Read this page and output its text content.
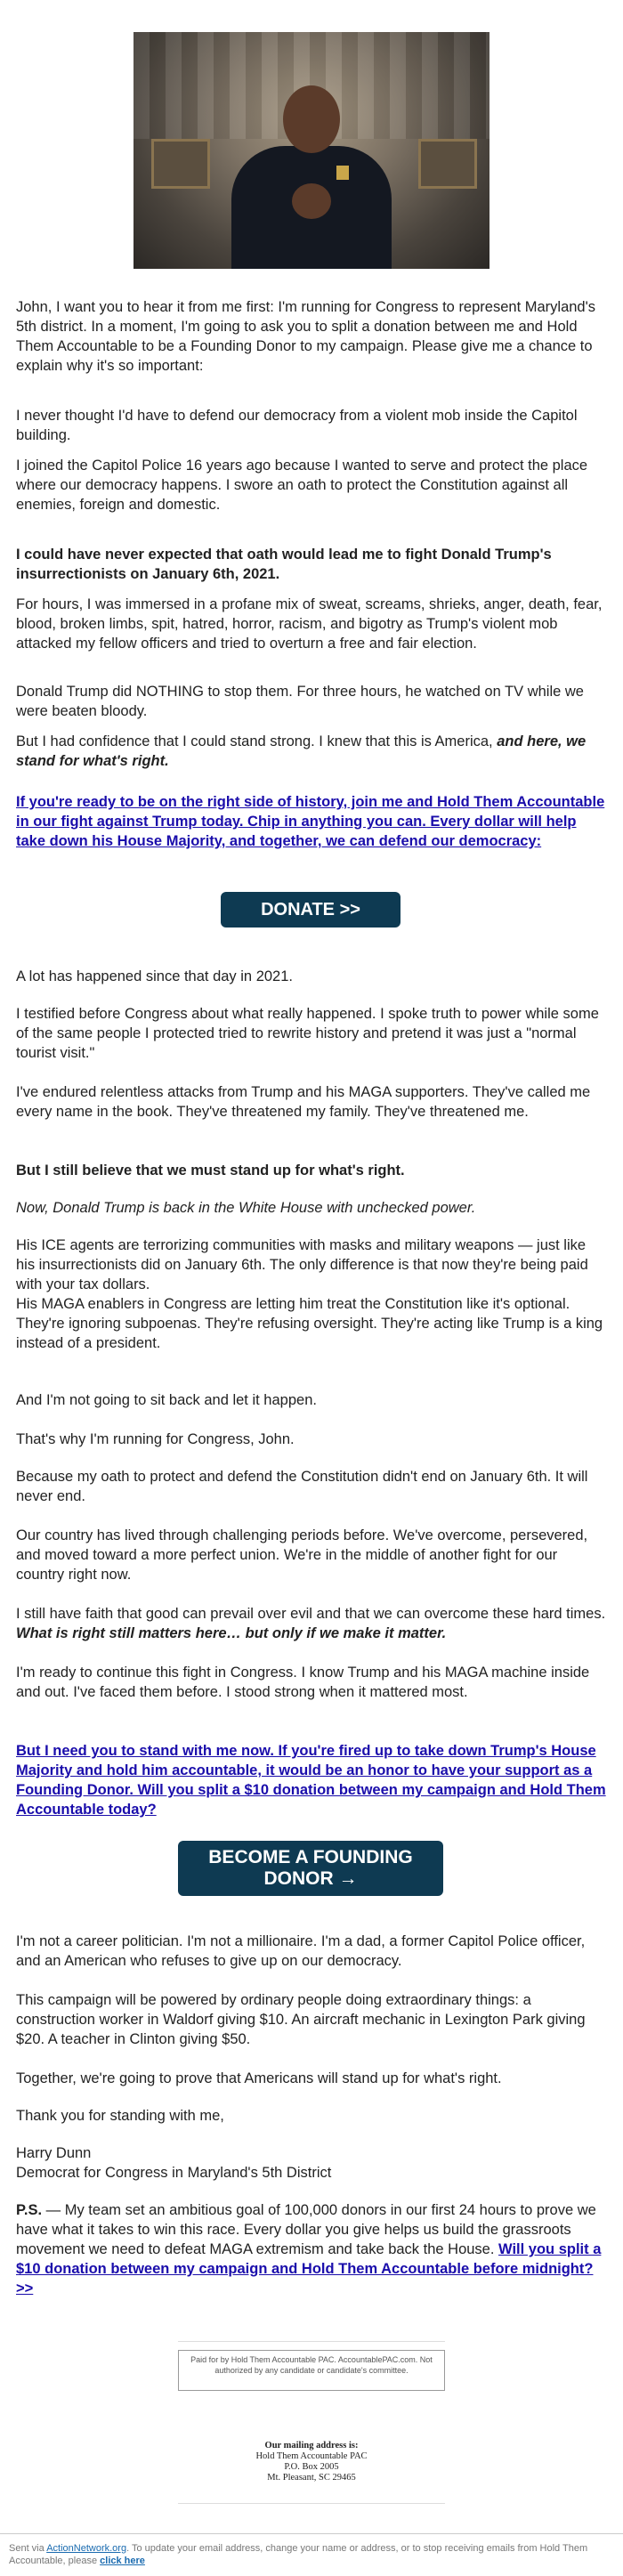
John, I want you to hear it from me first: I'm running for Congress to represent Maryland's 5th district. In a moment, I'm going to ask you to split a donation between me and Hold Them Accountable to be a Founding Donor to my campaign. Please give me a chance to explain why it's so important:

I never thought I'd have to defend our democracy from a violent mob inside the Capitol building.

I joined the Capitol Police 16 years ago because I wanted to serve and protect the place where our democracy happens. I swore an oath to protect the Constitution against all enemies, foreign and domestic.

I could have never expected that oath would lead me to fight Donald Trump's insurrectionists on January 6th, 2021.

For hours, I was immersed in a profane mix of sweat, screams, shrieks, anger, death, fear, blood, broken limbs, spit, hatred, horror, racism, and bigotry as Trump's violent mob attacked my fellow officers and tried to overturn a free and fair election.

Donald Trump did NOTHING to stop them. For three hours, he watched on TV while we were beaten bloody.

But I had confidence that I could stand strong. I knew that this is America, and here, we stand for what's right.

If you're ready to be on the right side of history, join me and Hold Them Accountable in our fight against Trump today. Chip in anything you can. Every dollar will help take down his House Majority, and together, we can defend our democracy:

DONATE >>

A lot has happened since that day in 2021.

I testified before Congress about what really happened. I spoke truth to power while some of the same people I protected tried to rewrite history and pretend it was just a "normal tourist visit."

I've endured relentless attacks from Trump and his MAGA supporters. They've called me every name in the book. They've threatened my family. They've threatened me.

But I still believe that we must stand up for what's right.

Now, Donald Trump is back in the White House with unchecked power.

His ICE agents are terrorizing communities with masks and military weapons — just like his insurrectionists did on January 6th. The only difference is that now they're being paid with your tax dollars.

His MAGA enablers in Congress are letting him treat the Constitution like it's optional. They're ignoring subpoenas. They're refusing oversight. They're acting like Trump is a king instead of a president.

And I'm not going to sit back and let it happen.

That's why I'm running for Congress, John.

Because my oath to protect and defend the Constitution didn't end on January 6th. It will never end.

Our country has lived through challenging periods before. We've overcome, persevered, and moved toward a more perfect union. We're in the middle of another fight for our country right now.

I still have faith that good can prevail over evil and that we can overcome these hard times. What is right still matters here… but only if we make it matter.

I'm ready to continue this fight in Congress. I know Trump and his MAGA machine inside and out. I've faced them before. I stood strong when it mattered most.

But I need you to stand with me now. If you're fired up to take down Trump's House Majority and hold him accountable, it would be an honor to have your support as a Founding Donor. Will you split a $10 donation between my campaign and Hold Them Accountable today?

BECOME A FOUNDING DONOR →

I'm not a career politician. I'm not a millionaire. I'm a dad, a former Capitol Police officer, and an American who refuses to give up on our democracy.

This campaign will be powered by ordinary people doing extraordinary things: a construction worker in Waldorf giving $10. An aircraft mechanic in Lexington Park giving $20. A teacher in Clinton giving $50.

Together, we're going to prove that Americans will stand up for what's right.

Thank you for standing with me,

Harry Dunn

Democrat for Congress in Maryland's 5th District

P.S. — My team set an ambitious goal of 100,000 donors in our first 24 hours to prove we have what it takes to win this race. Every dollar you give helps us build the grassroots movement we need to defeat MAGA extremism and take back the House. Will you split a $10 donation between my campaign and Hold Them Accountable before midnight? >>

Paid for by Hold Them Accountable PAC. AccountablePAC.com. Not authorized by any candidate or candidate's committee.
Our mailing address is:
Hold Them Accountable PAC
P.O. Box 2005
Mt. Pleasant, SC 29465
Sent via ActionNetwork.org. To update your email address, change your name or address, or to stop receiving emails from Hold Them Accountable, please click here
